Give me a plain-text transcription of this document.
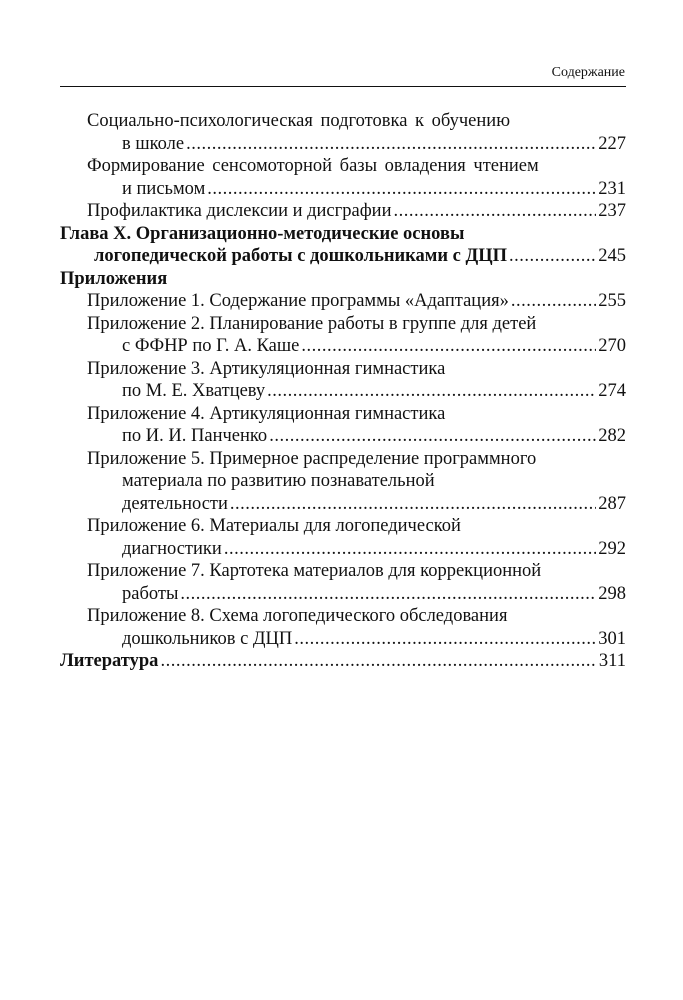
Содержание
Социально-психологическая подготовка к обучению
в школе .....	227
Формирование сенсомоторной базы овладения чтением
и письмом .....	231
Профилактика дислексии и дисграфии .....	237
Глава X. Организационно-методические основы
логопедической работы с дошкольниками с ДЦП .....	245
Приложения
Приложение 1. Содержание программы «Адаптация» .....	255
Приложение 2. Планирование работы в группе для детей
с ФФНР по Г. А. Каше .....	270
Приложение 3. Артикуляционная гимнастика
по М. Е. Хватцеву .....	274
Приложение 4. Артикуляционная гимнастика
по И. И. Панченко .....	282
Приложение 5. Примерное распределение программного
материала по развитию познавательной
деятельности .....	287
Приложение 6. Материалы для логопедической
диагностики .....	292
Приложение 7. Картотека материалов для коррекционной
работы .....	298
Приложение 8. Схема логопедического обследования
дошкольников с ДЦП .....	301
Литература .....	311
